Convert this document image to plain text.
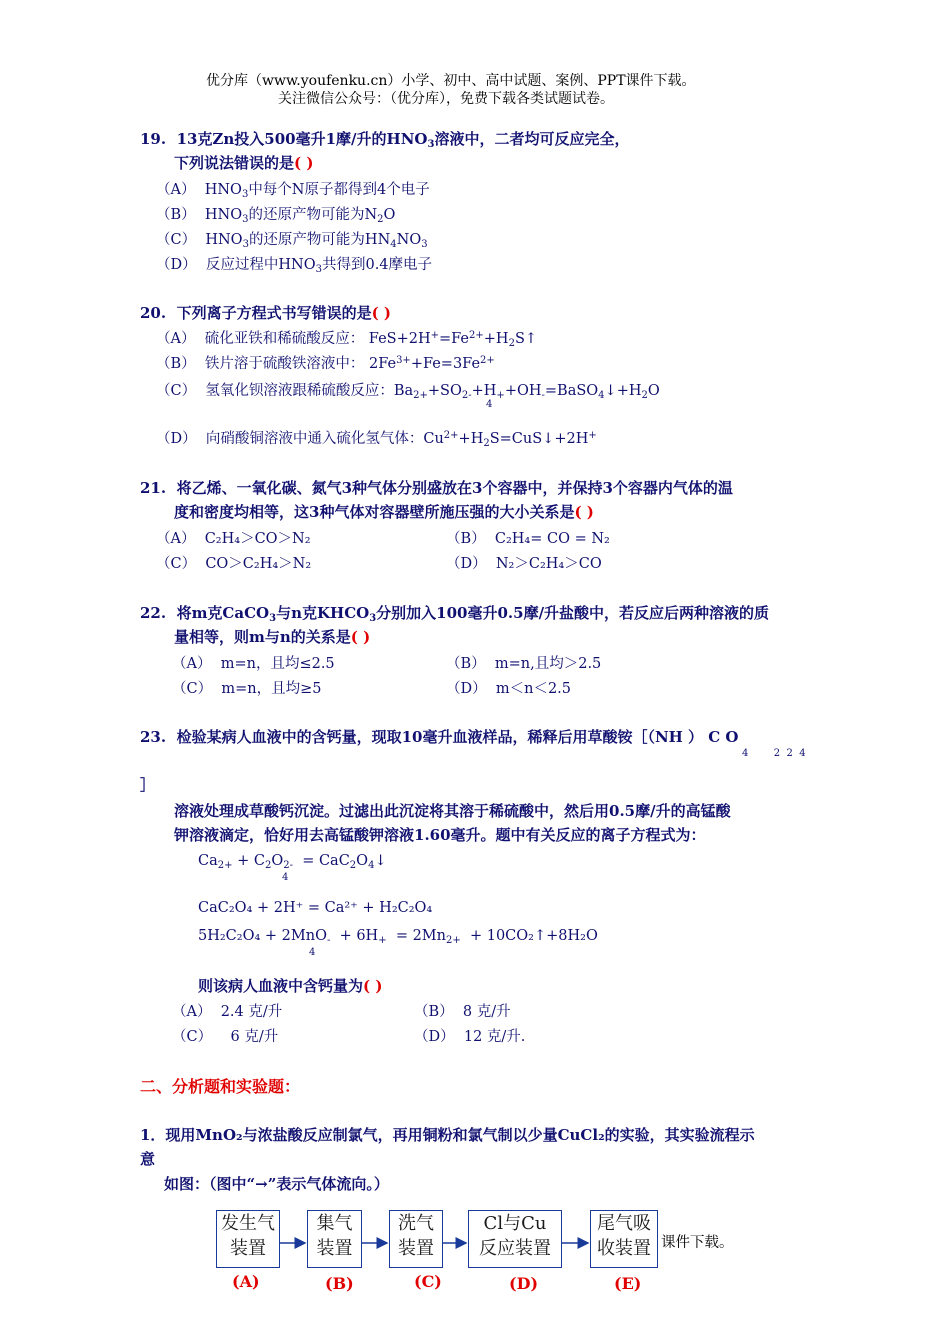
优分库（www.youfenku.cn）小学、初中、高中试题、案例、PPT课件下载。
关注微信公众号：（优分库），免费下载各类试题试卷。
19. 13克Zn投入500毫升1摩/升的$HNO_3$溶液中，二者均可反应完全，
下列说法错误的是( )
（A） $HNO_3$中每个N原子都得到4个电子
（B） $HNO_3$的还原产物可能为$N_2O$
（C） $HNO_3$的还原产物可能为$HN_4NO_3$
（D） 反应过程中$HNO_3$共得到0.4摩电子
20. 下列离子方程式书写错误的是( )
（A） 硫化亚铁和稀硫酸反应： $FeS+2H^+=Fe^{2+}+H_2S↑$
（B） 铁片溶于硫酸铁溶液中： $2Fe^{3+}+Fe=3Fe^{2+}$
（C） 氢氧化钡溶液跟稀硫酸反应：$Ba_{2+}+SO_{2-}+H_++OH_-=BaSO_4↓+H_2O$
4
（D） 向硝酸铜溶液中通入硫化氢气体：$Cu^{2+}+H_2S=CuS↓+2H^+$
21. 将乙烯、一氧化碳、氮气3种气体分别盛放在3个容器中，并保持3个容器内气体的温
度和密度均相等，这3种气体对容器壁所施压强的大小关系是( )
（A） C₂H₄＞CO＞N₂	（B） C₂H₄= CO = N₂
（C） CO＞C₂H₄＞N₂	（D） N₂＞C₂H₄＞CO
22. 将m克CaCO$_3$与n克$KHCO_3$分别加入100毫升0.5摩/升盐酸中，若反应后两种溶液的质
量相等，则m与n的关系是( )
（A） m=n，且均≤2.5	（B） m=n,且均＞2.5
（C） m=n，且均≥5	（D） m＜n＜2.5
23. 检验某病人血液中的含钙量，现取10毫升血液样品，稀释后用草酸铵［（NH ） C O
4        2  2  4
］
溶液处理成草酸钙沉淀。过滤出此沉淀将其溶于稀硫酸中，然后用0.5摩/升的高锰酸
钾溶液滴定，恰好用去高锰酸钾溶液1.60毫升。题中有关反应的离子方程式为：
$Ca_{2+} + C_2O_{2-}$ = $CaC_2O_4↓$
4
CaC₂O₄ + 2H⁺ = Ca²⁺ + H₂C₂O₄
$5H_2C_2O_4 + 2MnO_- + 6H_+ = 2Mn_{2+}$ + 10CO₂↑+8H₂O
4
则该病人血液中含钙量为( )
（A） 2.4 克/升	（B） 8 克/升
（C） 6 克/升	（D） 12 克/升.
二、分析题和实验题：
1．现用MnO₂与浓盐酸反应制氯气，再用铜粉和氯气制以少量CuCl₂的实验，其实验流程示
意
如图：（图中“→”表示气体流向。）
发生气
装置
集气
装置
洗气
装置
Cl与Cu
反应装置
尾气吸
收装置 课件下载。
(A)	(B)	(C)	(D)	(E)
